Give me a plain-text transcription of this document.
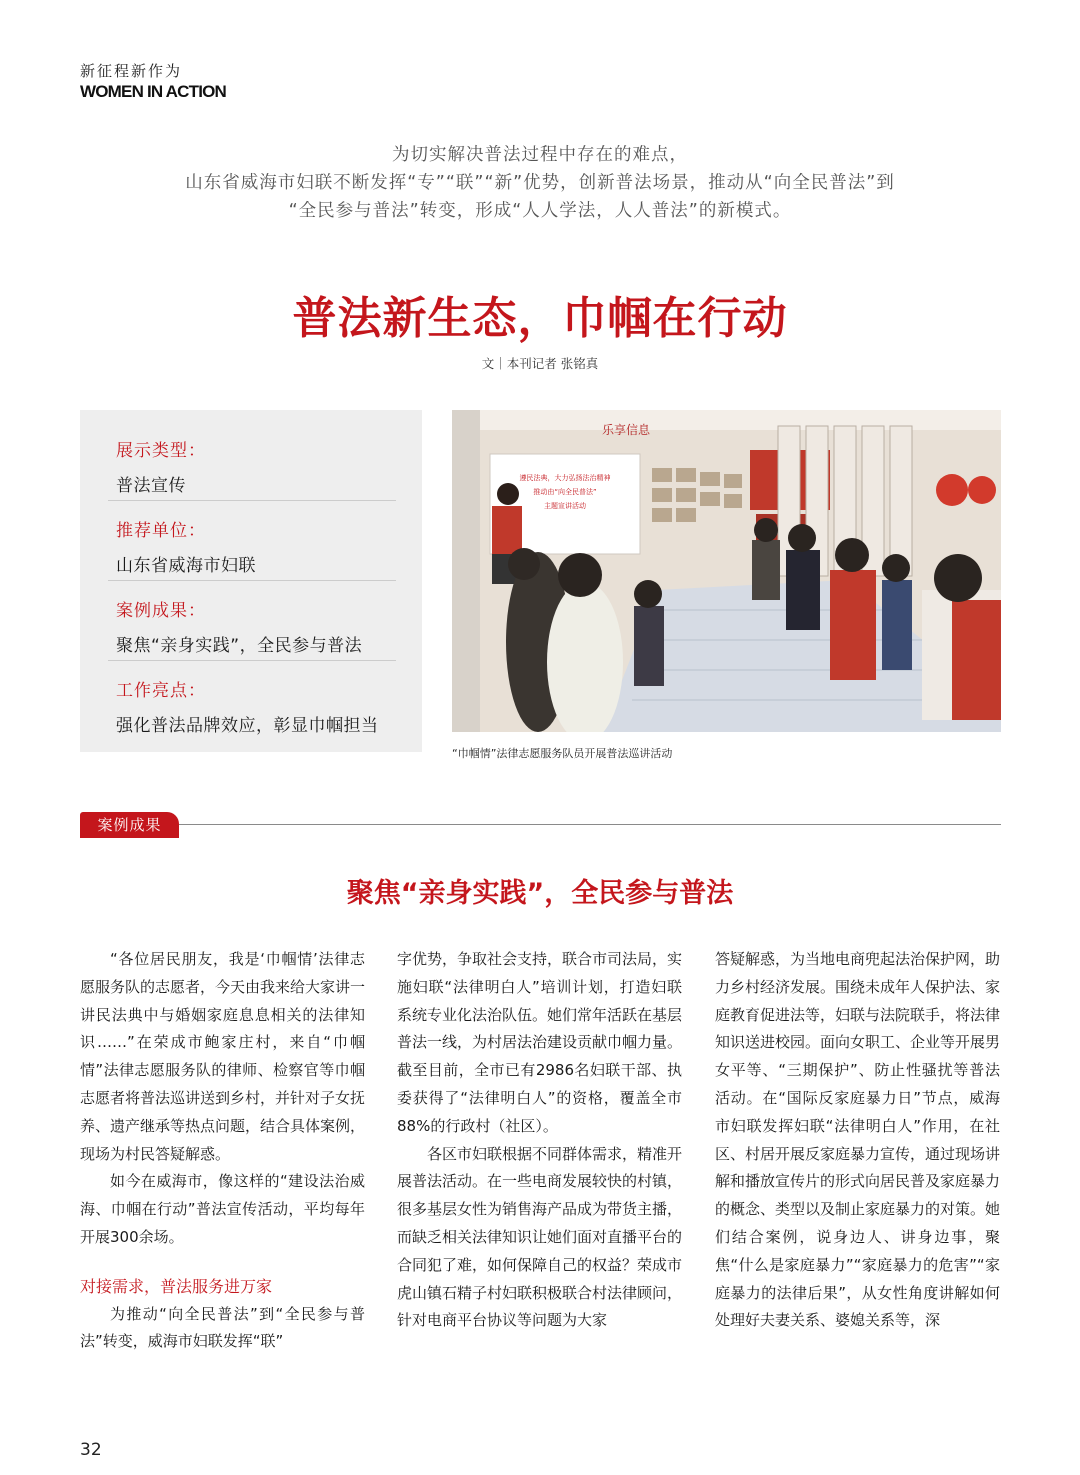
新征程新作为
WOMEN IN ACTION
为切实解决普法过程中存在的难点，
山东省威海市妇联不断发挥“专”“联”“新”优势，创新普法场景，推动从“向全民普法”到
“全民参与普法”转变，形成“人人学法，人人普法”的新模式。
普法新生态，巾帼在行动
文｜本刊记者 张铭真
展示类型：
普法宣传
推荐单位：
山东省威海市妇联
案例成果：
聚焦“亲身实践”，全民参与普法
工作亮点：
强化普法品牌效应，彰显巾帼担当
乐享信息
遵民法典，大力弘扬法治精神
推动由“向全民普法”
主题宣讲活动
“巾帼情”法律志愿服务队员开展普法巡讲活动
案例成果
聚焦“亲身实践”，全民参与普法

“各位居民朋友，我是‘巾帼情’法律志愿服务队的志愿者，今天由我来给大家讲一讲民法典中与婚姻家庭息息相关的法律知识……”在荣成市鲍家庄村，来自“巾帼情”法律志愿服务队的律师、检察官等巾帼志愿者将普法巡讲送到乡村，并针对子女抚养、遗产继承等热点问题，结合具体案例，现场为村民答疑解惑。

如今在威海市，像这样的“建设法治威海、巾帼在行动”普法宣传活动，平均每年开展300余场。

对接需求，普法服务进万家

为推动“向全民普法”到“全民参与普法”转变，威海市妇联发挥“联”

字优势，争取社会支持，联合市司法局，实施妇联“法律明白人”培训计划，打造妇联系统专业化法治队伍。她们常年活跃在基层普法一线，为村居法治建设贡献巾帼力量。截至目前，全市已有2986名妇联干部、执委获得了“法律明白人”的资格，覆盖全市88%的行政村（社区）。

各区市妇联根据不同群体需求，精准开展普法活动。在一些电商发展较快的村镇，很多基层女性为销售海产品成为带货主播，而缺乏相关法律知识让她们面对直播平台的合同犯了难，如何保障自己的权益？荣成市虎山镇石精子村妇联积极联合村法律顾问，针对电商平台协议等问题为大家

答疑解惑，为当地电商兜起法治保护网，助力乡村经济发展。围绕未成年人保护法、家庭教育促进法等，妇联与法院联手，将法律知识送进校园。面向女职工、企业等开展男女平等、“三期保护”、防止性骚扰等普法活动。在“国际反家庭暴力日”节点，威海市妇联发挥妇联“法律明白人”作用，在社区、村居开展反家庭暴力宣传，通过现场讲解和播放宣传片的形式向居民普及家庭暴力的概念、类型以及制止家庭暴力的对策。她们结合案例，说身边人、讲身边事，聚焦“什么是家庭暴力”“家庭暴力的危害”“家庭暴力的法律后果”，从女性角度讲解如何处理好夫妻关系、婆媳关系等，深

32
